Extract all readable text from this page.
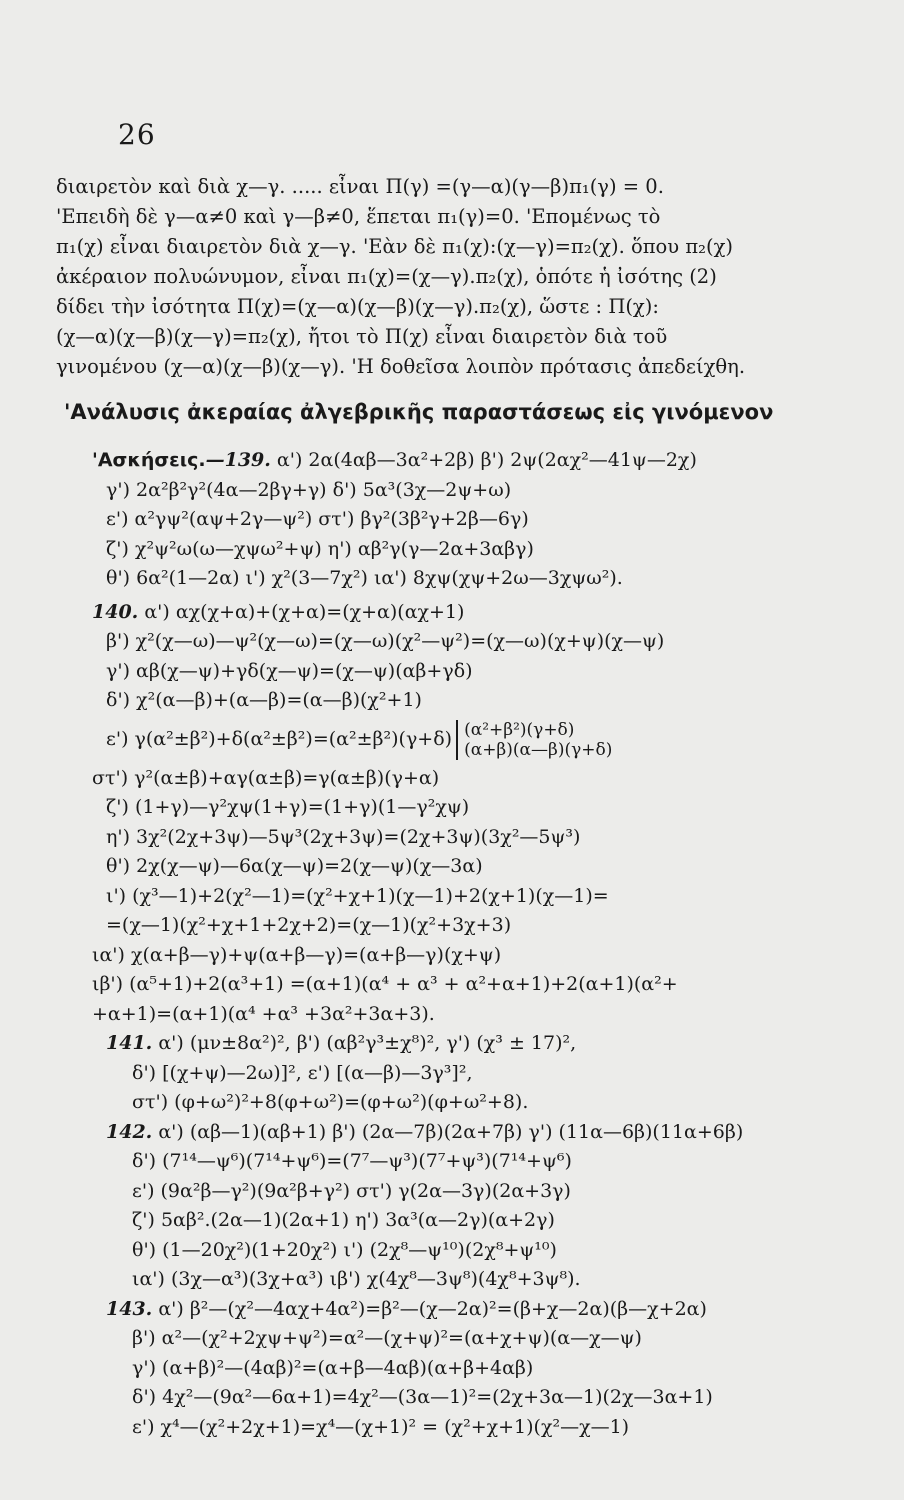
26
διαιρετὸν καὶ διὰ χ—γ. ..... εἶναι Π(γ) =(γ—α)(γ—β)π₁(γ) = 0.
'Επειδὴ δὲ γ—α≠0 καὶ γ—β≠0, ἕπεται π₁(γ)=0. 'Επομένως τὸ
π₁(χ) εἶναι διαιρετὸν διὰ χ—γ. 'Εὰν δὲ π₁(χ):(χ—γ)=π₂(χ). ὅπου π₂(χ)
ἀκέραιον πολυώνυμον, εἶναι π₁(χ)=(χ—γ).π₂(χ), ὁπότε ἡ ἰσότης (2)
δίδει τὴν ἰσότητα Π(χ)=(χ—α)(χ—β)(χ—γ).π₂(χ), ὥστε : Π(χ):
(χ—α)(χ—β)(χ—γ)=π₂(χ), ἤτοι τὸ Π(χ) εἶναι διαιρετὸν διὰ τοῦ
γινομένου (χ—α)(χ—β)(χ—γ). 'Η δοθεῖσα λοιπὸν πρότασις ἀπεδείχθη.
'Ανάλυσις ἀκεραίας ἀλγεβρικῆς παραστάσεως εἰς γινόμενον
'Ασκήσεις.—139. α') 2α(4αβ—3α²+2β) β') 2ψ(2αχ²—41ψ—2χ)
γ') 2α²β²γ²(4α—2βγ+γ) δ') 5α³(3χ—2ψ+ω)
ε') α²γψ²(αψ+2γ—ψ²) στ') βγ²(3β²γ+2β—6γ)
ζ') χ²ψ²ω(ω—χψω²+ψ) η') αβ²γ(γ—2α+3αβγ)
θ') 6α²(1—2α) ι') χ²(3—7χ²) ια') 8χψ(χψ+2ω—3χψω²).
140. α') αχ(χ+α)+(χ+α)=(χ+α)(αχ+1)
β') χ²(χ—ω)—ψ²(χ—ω)=(χ—ω)(χ²—ψ²)=(χ—ω)(χ+ψ)(χ—ψ)
γ') αβ(χ—ψ)+γδ(χ—ψ)=(χ—ψ)(αβ+γδ)
δ') χ²(α—β)+(α—β)=(α—β)(χ²+1)
ε') γ(α²±β²)+δ(α²±β²)=(α²±β²)(γ+δ) (α²+β²)(γ+δ)
(α+β)(α—β)(γ+δ)
στ') γ²(α±β)+αγ(α±β)=γ(α±β)(γ+α)
ζ') (1+γ)—γ²χψ(1+γ)=(1+γ)(1—γ²χψ)
η') 3χ²(2χ+3ψ)—5ψ³(2χ+3ψ)=(2χ+3ψ)(3χ²—5ψ³)
θ') 2χ(χ—ψ)—6α(χ—ψ)=2(χ—ψ)(χ—3α)
ι') (χ³—1)+2(χ²—1)=(χ²+χ+1)(χ—1)+2(χ+1)(χ—1)=
=(χ—1)(χ²+χ+1+2χ+2)=(χ—1)(χ²+3χ+3)
ια') χ(α+β—γ)+ψ(α+β—γ)=(α+β—γ)(χ+ψ)
ιβ') (α⁵+1)+2(α³+1) =(α+1)(α⁴ + α³ + α²+α+1)+2(α+1)(α²+
+α+1)=(α+1)(α⁴ +α³ +3α²+3α+3).
141. α') (μν±8α²)², β') (αβ²γ³±χ⁸)², γ') (χ³ ± 17)²,
δ') [(χ+ψ)—2ω)]², ε') [(α—β)—3γ³]²,
στ') (φ+ω²)²+8(φ+ω²)=(φ+ω²)(φ+ω²+8).
142. α') (αβ—1)(αβ+1) β') (2α—7β)(2α+7β) γ') (11α—6β)(11α+6β)
δ') (7¹⁴—ψ⁶)(7¹⁴+ψ⁶)=(7⁷—ψ³)(7⁷+ψ³)(7¹⁴+ψ⁶)
ε') (9α²β—γ²)(9α²β+γ²) στ') γ(2α—3γ)(2α+3γ)
ζ') 5αβ².(2α—1)(2α+1) η') 3α³(α—2γ)(α+2γ)
θ') (1—20χ²)(1+20χ²) ι') (2χ⁸—ψ¹⁰)(2χ⁸+ψ¹⁰)
ια') (3χ—α³)(3χ+α³) ιβ') χ(4χ⁸—3ψ⁸)(4χ⁸+3ψ⁸).
143. α') β²—(χ²—4αχ+4α²)=β²—(χ—2α)²=(β+χ—2α)(β—χ+2α)
β') α²—(χ²+2χψ+ψ²)=α²—(χ+ψ)²=(α+χ+ψ)(α—χ—ψ)
γ') (α+β)²—(4αβ)²=(α+β—4αβ)(α+β+4αβ)
δ') 4χ²—(9α²—6α+1)=4χ²—(3α—1)²=(2χ+3α—1)(2χ—3α+1)
ε') χ⁴—(χ²+2χ+1)=χ⁴—(χ+1)² = (χ²+χ+1)(χ²—χ—1)
